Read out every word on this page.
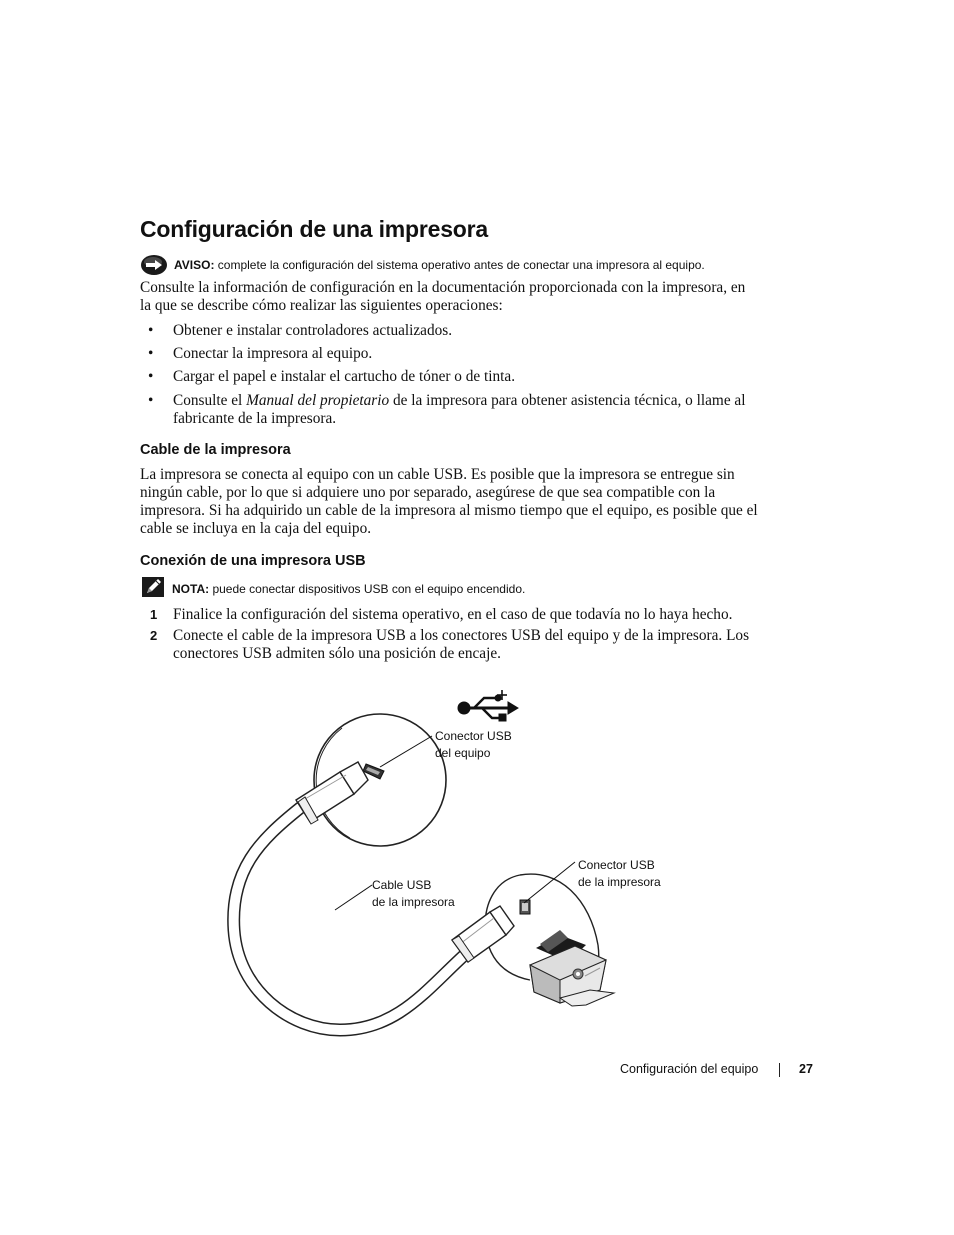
Configuración de una impresora
AVISO: complete la configuración del sistema operativo antes de conectar una impresora al equipo.
Consulte la información de configuración en la documentación proporcionada con la impresora, en la que se describe cómo realizar las siguientes operaciones:
• Obtener e instalar controladores actualizados.
• Conectar la impresora al equipo.
• Cargar el papel e instalar el cartucho de tóner o de tinta.
• Consulte el Manual del propietario de la impresora para obtener asistencia técnica, o llame al fabricante de la impresora.
Cable de la impresora
La impresora se conecta al equipo con un cable USB. Es posible que la impresora se entregue sin ningún cable, por lo que si adquiere uno por separado, asegúrese de que sea compatible con la impresora. Si ha adquirido un cable de la impresora al mismo tiempo que el equipo, es posible que el cable se incluya en la caja del equipo.
Conexión de una impresora USB
NOTA: puede conectar dispositivos USB con el equipo encendido.
1 Finalice la configuración del sistema operativo, en el caso de que todavía no lo haya hecho.
2 Conecte el cable de la impresora USB a los conectores USB del equipo y de la impresora. Los conectores USB admiten sólo una posición de encaje.
Conector USB
del equipo
Conector USB
de la impresora
Cable USB
de la impresora
Configuración del equipo	27
